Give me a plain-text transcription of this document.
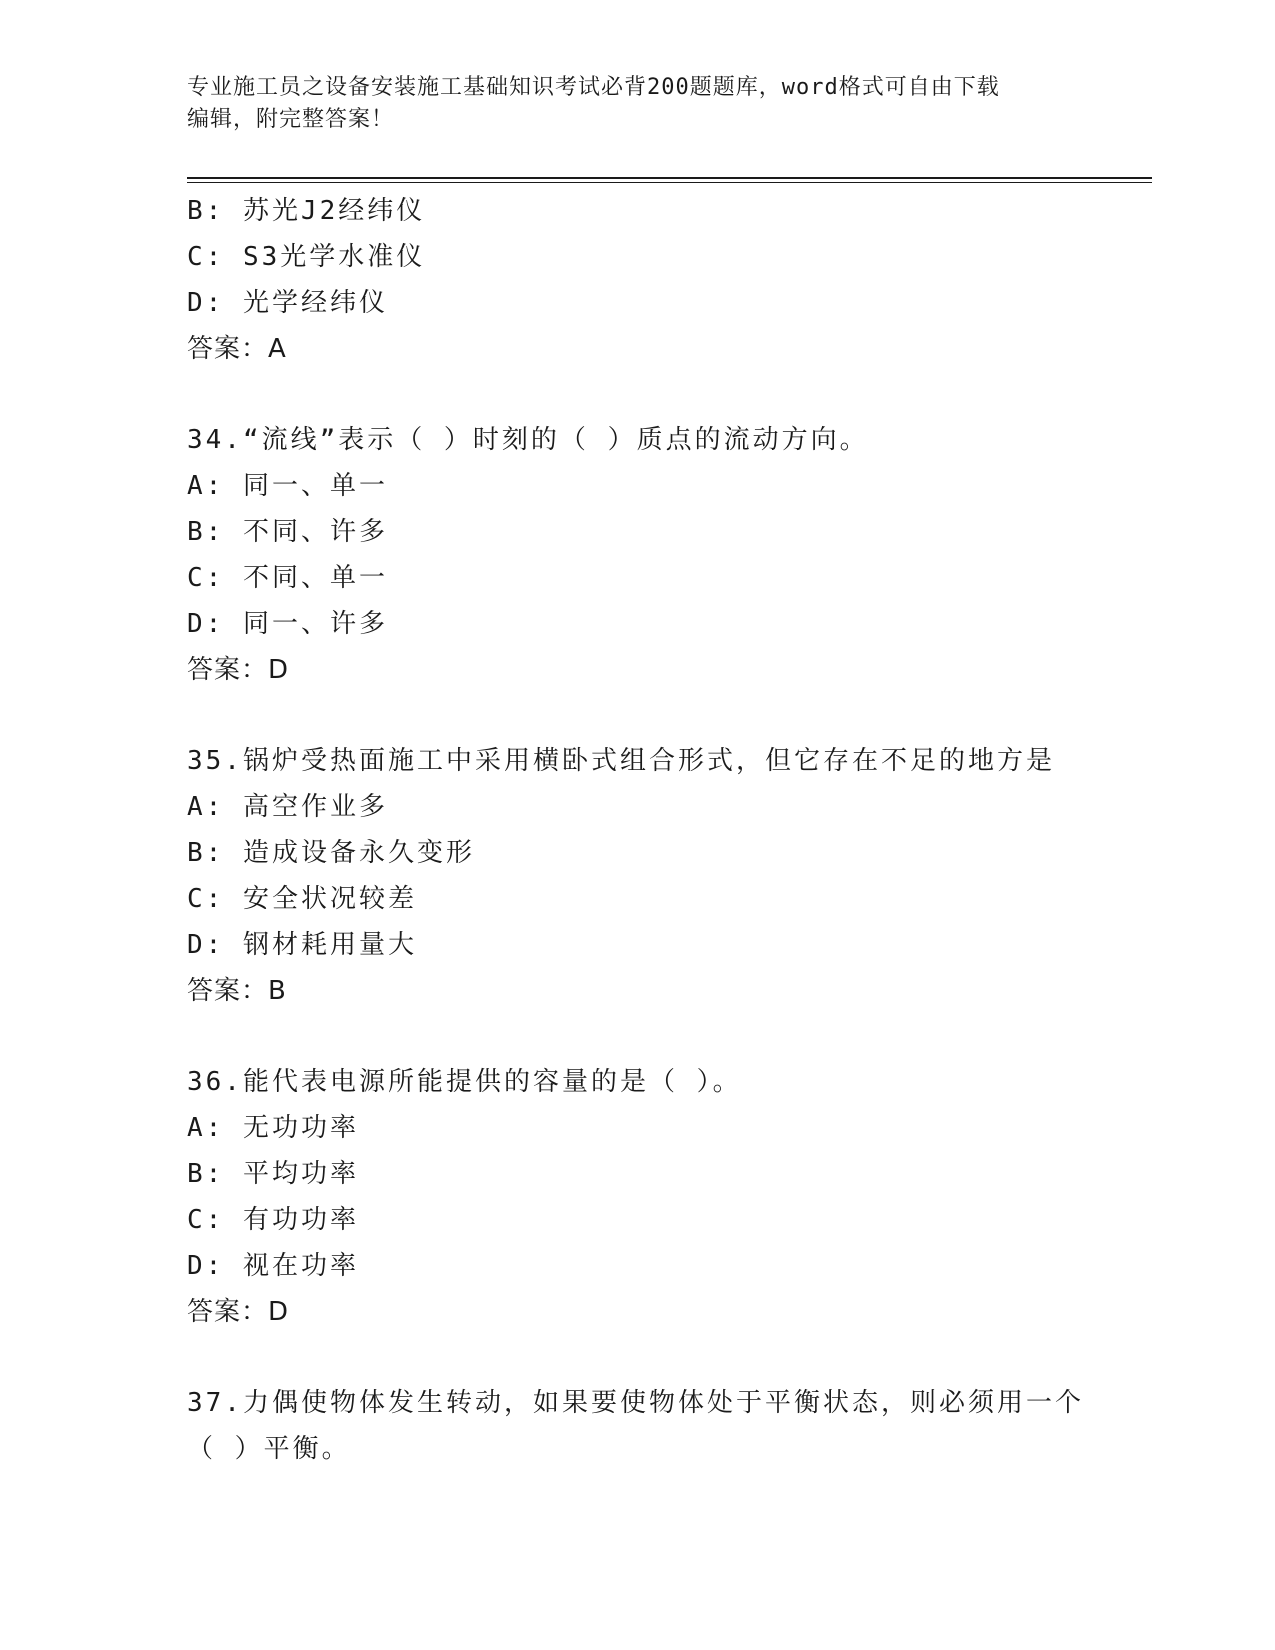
专业施工员之设备安装施工基础知识考试必背200题题库，word格式可自由下载
编辑，附完整答案！
B: 苏光J2经纬仪
C: S3光学水准仪
D: 光学经纬仪
答案：A
34.“流线”表示（ ）时刻的（ ）质点的流动方向。
A: 同一、单一
B: 不同、许多
C: 不同、单一
D: 同一、许多
答案：D
35.锅炉受热面施工中采用横卧式组合形式，但它存在不足的地方是
A: 高空作业多
B: 造成设备永久变形
C: 安全状况较差
D: 钢材耗用量大
答案：B
36.能代表电源所能提供的容量的是（ ）。
A: 无功功率
B: 平均功率
C: 有功功率
D: 视在功率
答案：D
37.力偶使物体发生转动，如果要使物体处于平衡状态，则必须用一个
（ ）平衡。
